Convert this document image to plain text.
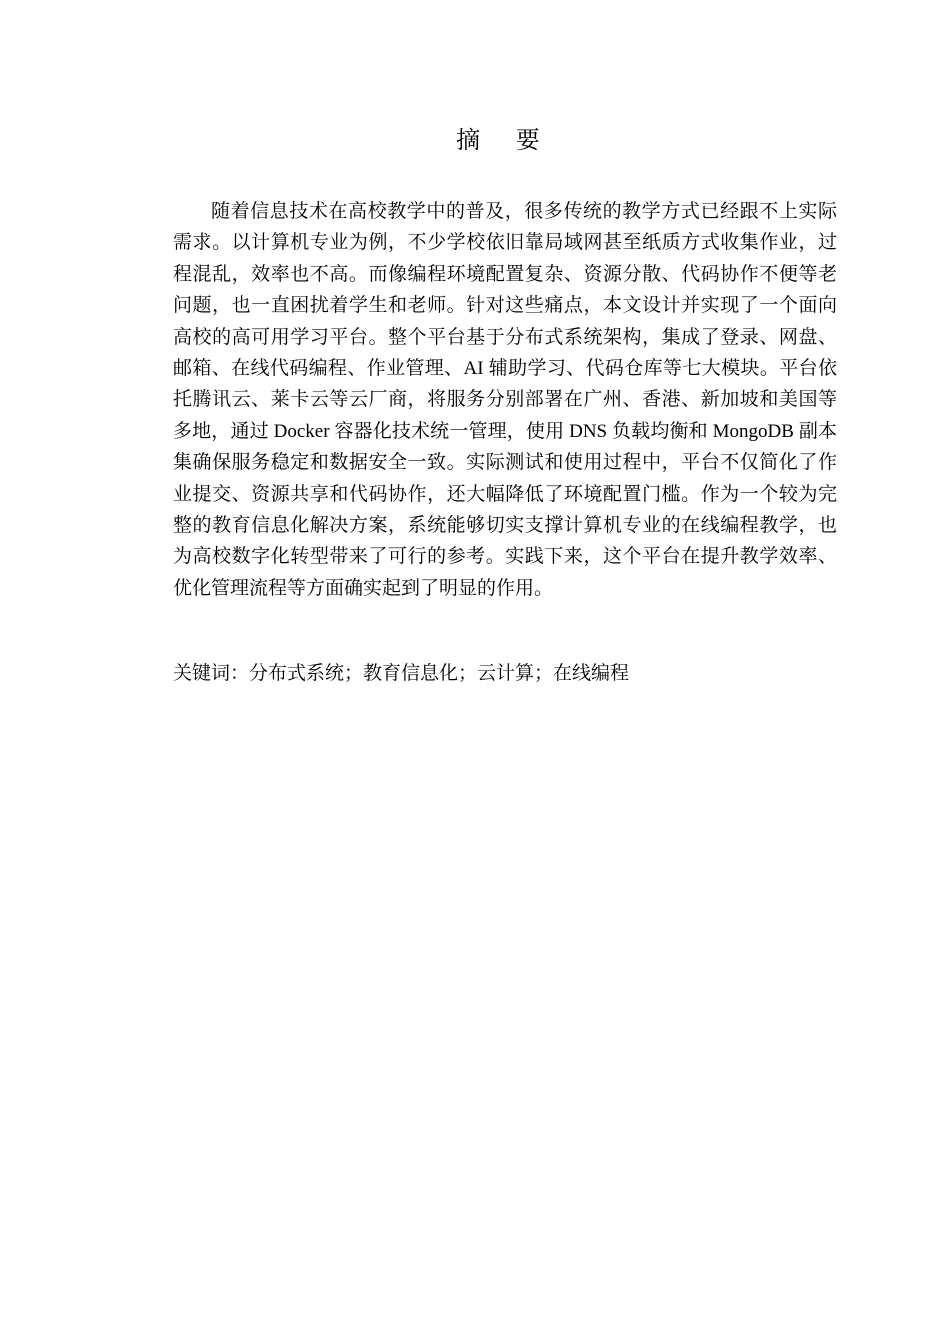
摘 要

随着信息技术在高校教学中的普及，很多传统的教学方式已经跟不上实际需求。以计算机专业为例，不少学校依旧靠局域网甚至纸质方式收集作业，过程混乱，效率也不高。而像编程环境配置复杂、资源分散、代码协作不便等老问题，也一直困扰着学生和老师。针对这些痛点，本文设计并实现了一个面向高校的高可用学习平台。整个平台基于分布式系统架构，集成了登录、网盘、邮箱、在线代码编程、作业管理、AI 辅助学习、代码仓库等七大模块。平台依托腾讯云、莱卡云等云厂商，将服务分别部署在广州、香港、新加坡和美国等多地，通过 Docker 容器化技术统一管理，使用 DNS 负载均衡和 MongoDB 副本集确保服务稳定和数据安全一致。实际测试和使用过程中，平台不仅简化了作业提交、资源共享和代码协作，还大幅降低了环境配置门槛。作为一个较为完整的教育信息化解决方案，系统能够切实支撑计算机专业的在线编程教学，也为高校数字化转型带来了可行的参考。实践下来，这个平台在提升教学效率、优化管理流程等方面确实起到了明显的作用。

关键词：分布式系统；教育信息化；云计算；在线编程
